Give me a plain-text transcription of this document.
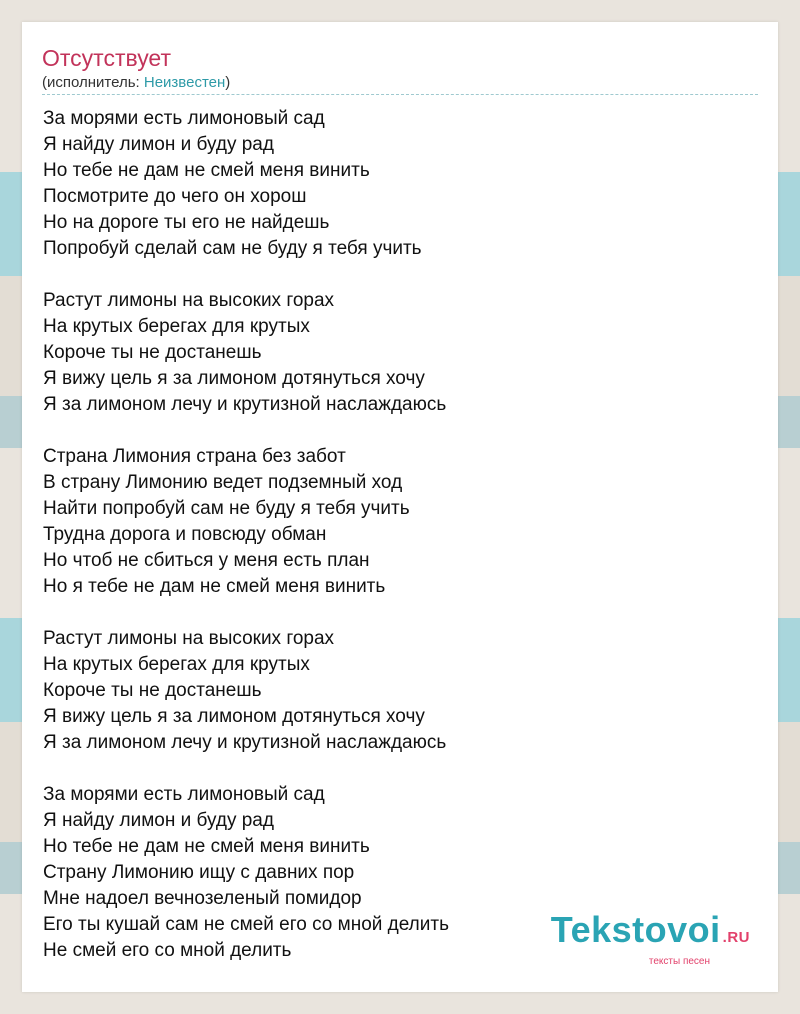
Отсутствует
(исполнитель: Неизвестен)
За морями есть лимоновый сад
Я найду лимон и буду рад
Но тебе не дам не смей меня винить
Посмотрите до чего он хорош
Но на дороге ты его не найдешь
Попробуй сделай сам не буду я тебя учить
Растут лимоны на высоких горах
На крутых берегах для крутых
Короче ты не достанешь
Я вижу цель я за лимоном дотянуться хочу
Я за лимоном лечу и крутизной наслаждаюсь
Страна Лимония страна без забот
В страну Лимонию ведет подземный ход
Найти попробуй сам не буду я тебя учить
Трудна дорога и повсюду обман
Но чтоб не сбиться у меня есть план
Но я тебе не дам не смей меня винить
Растут лимоны на высоких горах
На крутых берегах для крутых
Короче ты не достанешь
Я вижу цель я за лимоном дотянуться хочу
Я за лимоном лечу и крутизной наслаждаюсь
За морями есть лимоновый сад
Я найду лимон и буду рад
Но тебе не дам не смей меня винить
Страну Лимонию ищу с давних пор
Мне надоел вечнозеленый помидор
Его ты кушай сам не смей его со мной делить
Не смей его со мной делить
Tekstovoi .RU
тексты песен
